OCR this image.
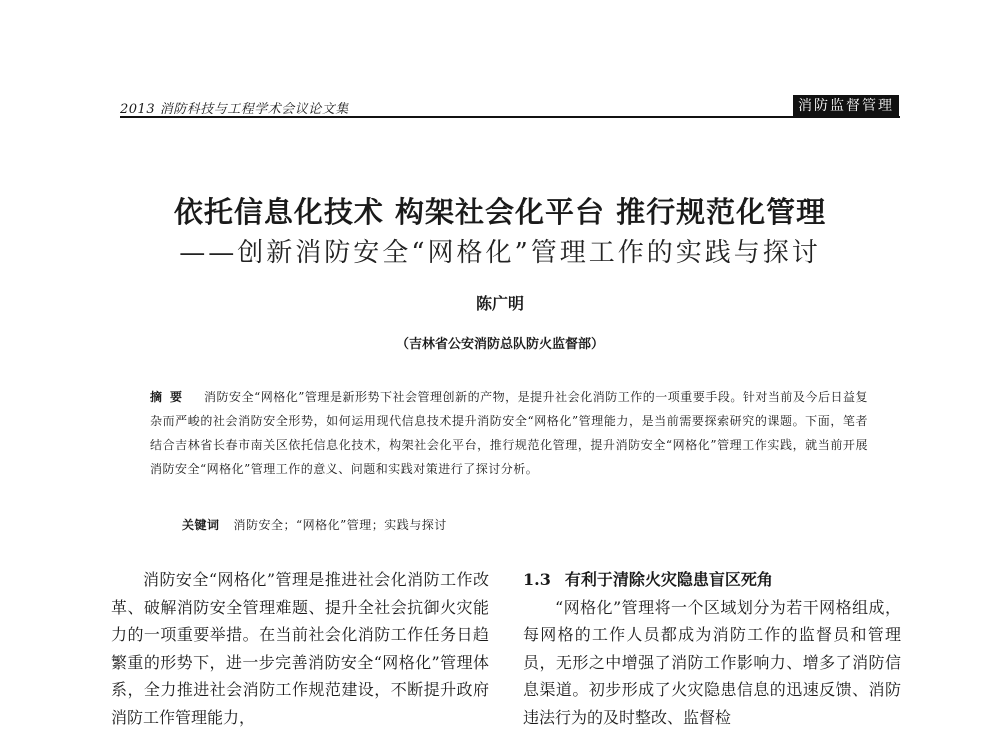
2013 消防科技与工程学术会议论文集	消防监督管理
依托信息化技术 构架社会化平台 推行规范化管理
——创新消防安全“网格化”管理工作的实践与探讨
陈广明
（吉林省公安消防总队防火监督部）

摘要 消防安全“网格化”管理是新形势下社会管理创新的产物，是提升社会化消防工作的一项重要手段。针对当前及今后日益复杂而严峻的社会消防安全形势，如何运用现代信息技术提升消防安全“网格化”管理能力，是当前需要探索研究的课题。下面，笔者结合吉林省长春市南关区依托信息化技术，构架社会化平台，推行规范化管理，提升消防安全“网格化”管理工作实践，就当前开展消防安全“网格化”管理工作的意义、问题和实践对策进行了探讨分析。

关键词 消防安全；“网格化”管理；实践与探讨

消防安全“网格化”管理是推进社会化消防工作改革、破解消防安全管理难题、提升全社会抗御火灾能力的一项重要举措。在当前社会化消防工作任务日趋繁重的形势下，进一步完善消防安全“网格化”管理体系，全力推进社会消防工作规范建设，不断提升政府消防工作管理能力，

1.3 有利于清除火灾隐患盲区死角

“网格化”管理将一个区域划分为若干网格组成，每网格的工作人员都成为消防工作的监督员和管理员，无形之中增强了消防工作影响力、增多了消防信息渠道。初步形成了火灾隐患信息的迅速反馈、消防违法行为的及时整改、监督检
